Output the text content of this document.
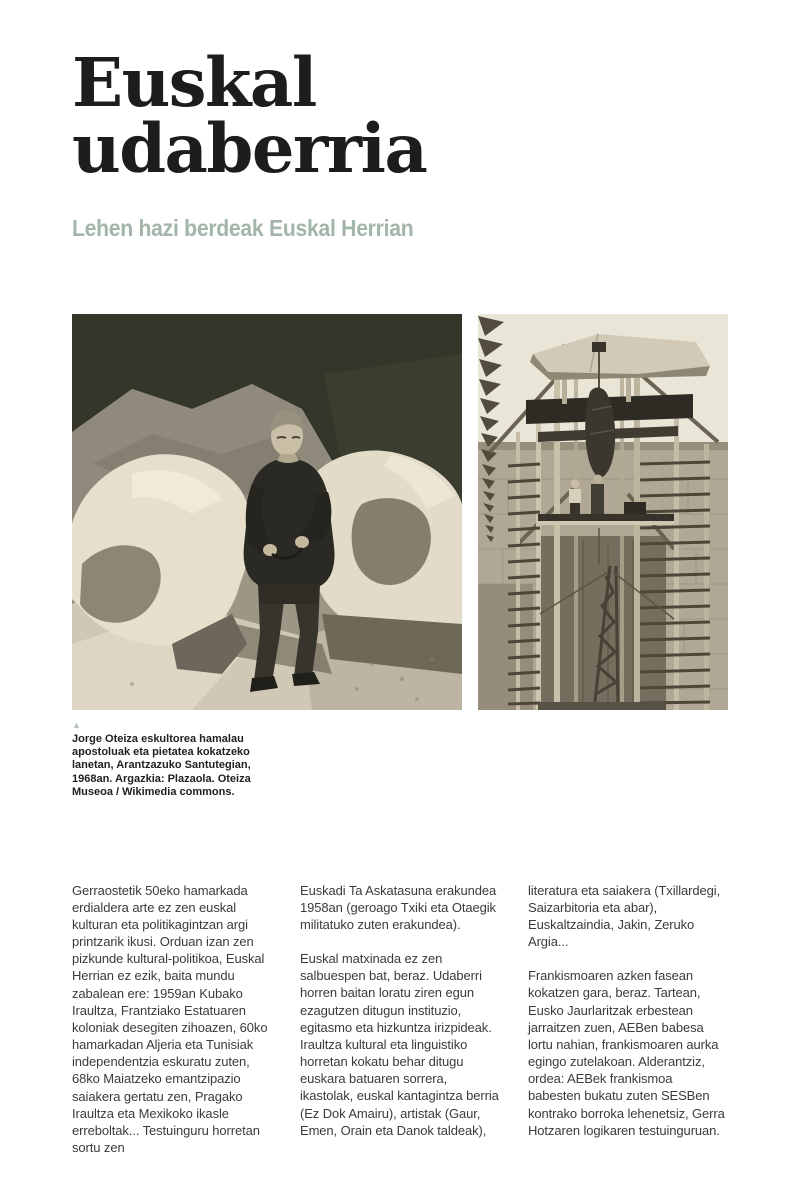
Euskal
udaberria
Lehen hazi berdeak Euskal Herrian
▲
Jorge Oteiza eskultorea hamalau apostoluak eta pietatea kokatzeko lanetan, Arantzazuko Santutegian, 1968an. Argazkia: Plazaola. Oteiza Museoa / Wikimedia commons.

Gerraostetik 50eko hamarkada erdialdera arte ez zen euskal kulturan eta politikagintzan argi printzarik ikusi. Orduan izan zen pizkunde kultural-politikoa, Euskal Herrian ez ezik, baita mundu zabalean ere: 1959an Kubako Iraultza, Frantziako Estatuaren koloniak desegiten zihoazen, 60ko hamarkadan Aljeria eta Tunisiak independentzia eskuratu zuten, 68ko Maiatzeko emantzipazio saiakera gertatu zen, Pragako Iraultza eta Mexikoko ikasle erreboltak... Testuinguru horretan sortu zen

Euskadi Ta Askatasuna erakundea 1958an (geroago Txiki eta Otaegik militatuko zuten erakundea).

Euskal matxinada ez zen salbuespen bat, beraz. Udaberri horren baitan loratu ziren egun ezagutzen ditugun instituzio, egitasmo eta hizkuntza irizpideak. Iraultza kultural eta linguistiko horretan kokatu behar ditugu euskara batuaren sorrera, ikastolak, euskal kantagintza berria (Ez Dok Amairu), artistak (Gaur, Emen, Orain eta Danok taldeak),

literatura eta saiakera (Txillardegi, Saizarbitoria eta abar), Euskaltzaindia, Jakin, Zeruko Argia...

Frankismoaren azken fasean kokatzen gara, beraz. Tartean, Eusko Jaurlaritzak erbestean jarraitzen zuen, AEBen babesa lortu nahian, frankismoaren aurka egingo zutelakoan. Alderantziz, ordea: AEBek frankismoa babesten bukatu zuten SESBen kontrako borroka lehenetsiz, Gerra Hotzaren logikaren testuinguruan.
